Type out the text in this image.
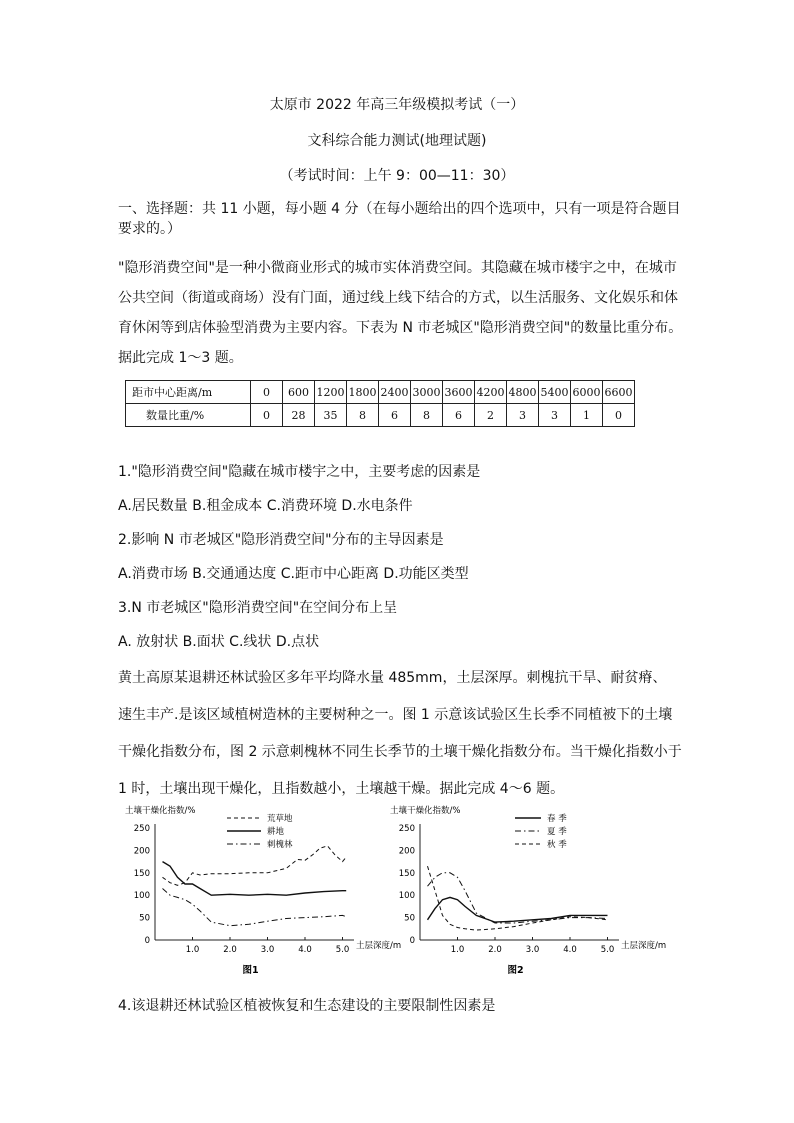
太原市 2022 年高三年级模拟考试（一）
文科综合能力测试(地理试题)
（考试时间：上午 9：00—11：30）
一、选择题：共 11 小题，每小题 4 分（在每小题给出的四个选项中，只有一项是符合题目
要求的。）
"隐形消费空间"是一种小微商业形式的城市实体消费空间。其隐藏在城市楼宇之中，在城市
公共空间（街道或商场）没有门面，通过线上线下结合的方式，以生活服务、文化娱乐和体
育休闲等到店体验型消费为主要内容。下表为 N 市老城区"隐形消费空间"的数量比重分布。
据此完成 1～3 题。
距市中心距离/m	0	600	1200	1800	2400	3000	3600	4200	4800	5400	6000	6600
数量比重/%	0	28	35	8	6	8	6	2	3	3	1	0
1."隐形消费空间"隐藏在城市楼宇之中，主要考虑的因素是
A.居民数量 B.租金成本 C.消费环境 D.水电条件
2.影响 N 市老城区"隐形消费空间"分布的主导因素是
A.消费市场 B.交通通达度 C.距市中心距离 D.功能区类型
3.N 市老城区"隐形消费空间"在空间分布上呈
A. 放射状 B.面状 C.线状 D.点状
黄土高原某退耕还林试验区多年平均降水量 485mm，土层深厚。刺槐抗干旱、耐贫瘠、
速生丰产.是该区域植树造林的主要树种之一。图 1 示意该试验区生长季不同植被下的土壤
干燥化指数分布，图 2 示意刺槐林不同生长季节的土壤干燥化指数分布。当干燥化指数小于
1 时，土壤出现干燥化，且指数越小，土壤越干燥。据此完成 4～6 题。
土壤干燥化指数/%
0
50
100
150
200
250
1.0	2.0	3.0	4.0	5.0 土层深度/m
图1
荒草地
耕地
刺槐林
土壤干燥化指数/%
0
50
100
150
200
250
1.0	2.0	3.0	4.0	5.0 土层深度/m
图2
春 季
夏 季
秋 季
4.该退耕还林试验区植被恢复和生态建设的主要限制性因素是
